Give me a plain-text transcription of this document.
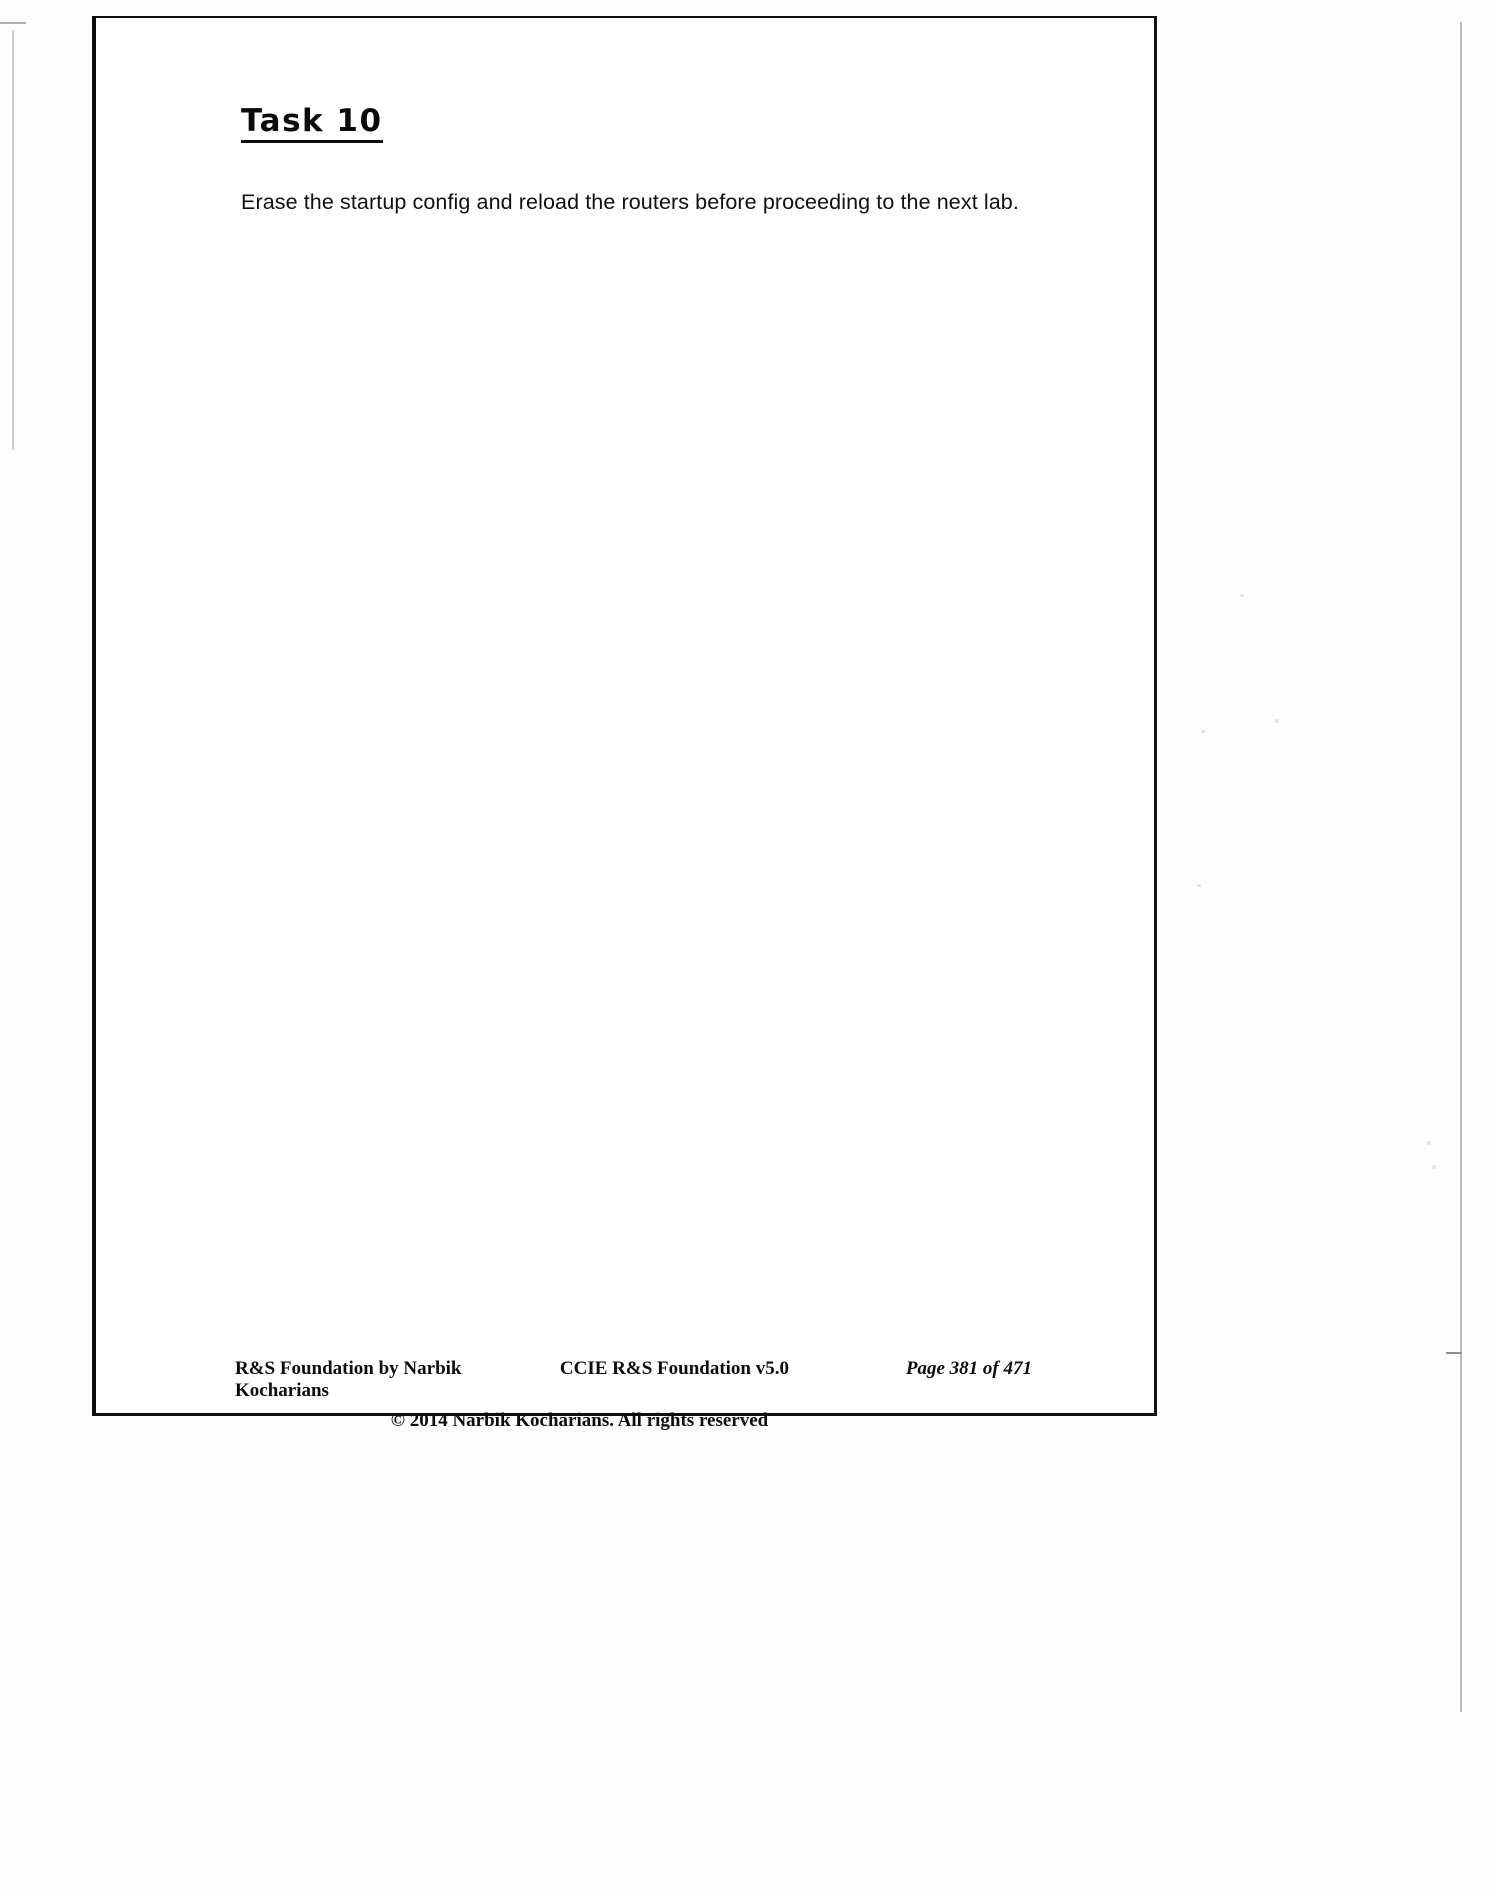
Task 10

Erase the startup config and reload the routers before proceeding to the next lab.

R&S Foundation by Narbik Kocharians
CCIE R&S Foundation v5.0	Page 381 of 471
© 2014 Narbik Kocharians. All rights reserved
